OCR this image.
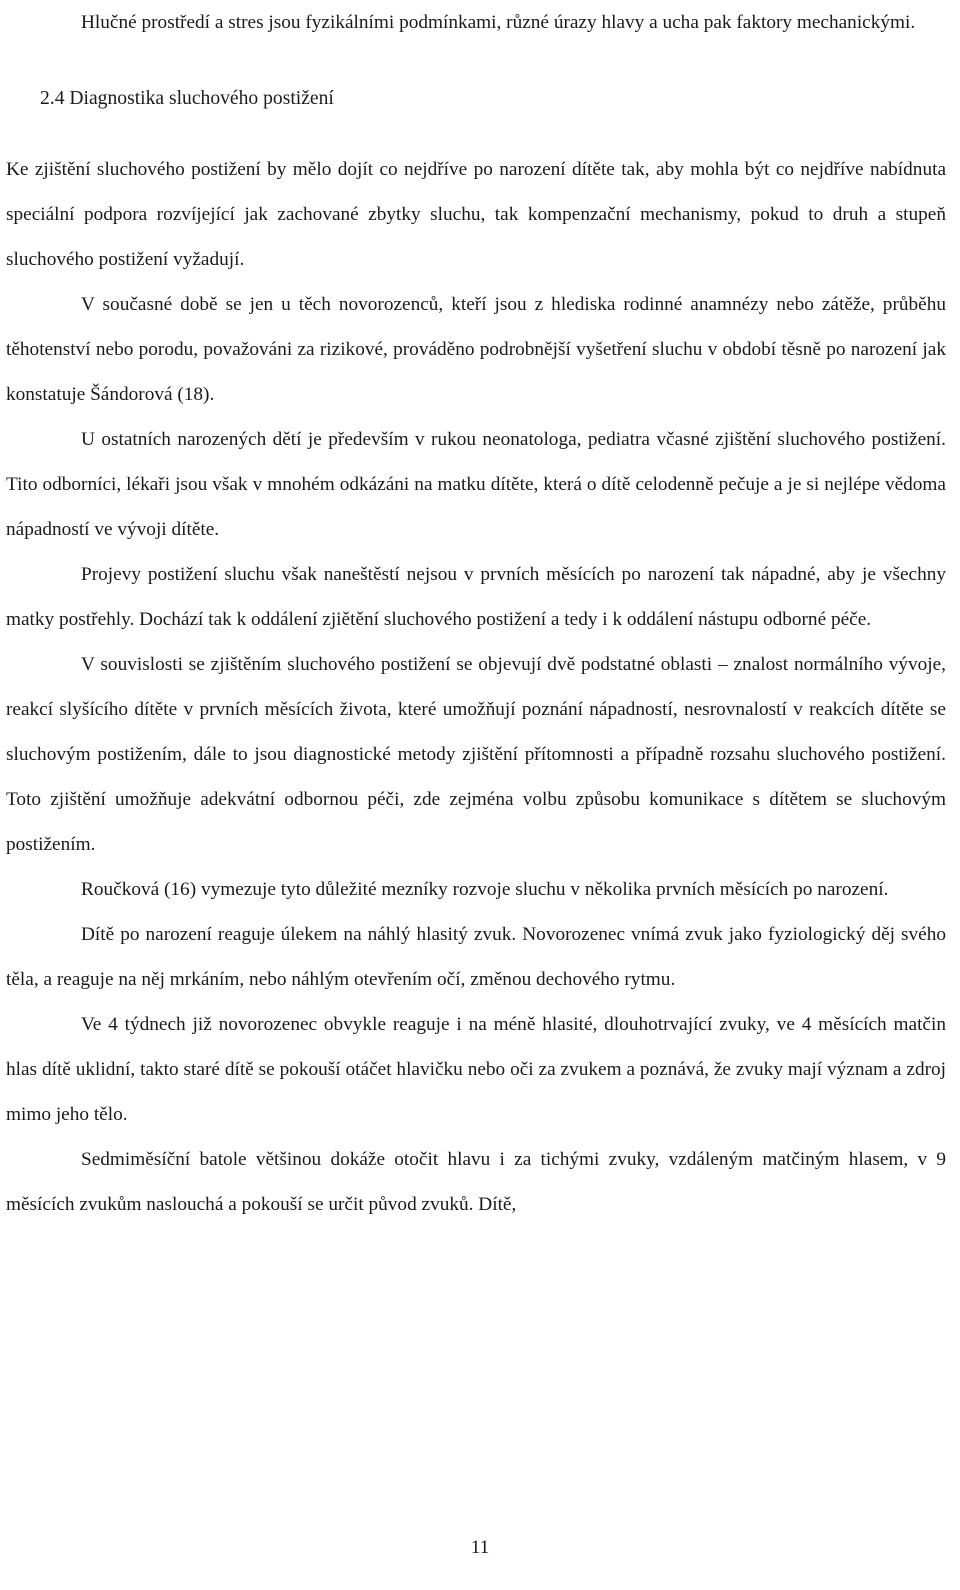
Hlučné prostředí a stres jsou fyzikálními podmínkami, různé úrazy hlavy a ucha pak faktory mechanickými.

2.4 Diagnostika sluchového postižení

Ke zjištění sluchového postižení by mělo dojít co nejdříve po narození dítěte tak, aby mohla být co nejdříve nabídnuta speciální podpora rozvíjející jak zachované zbytky sluchu, tak kompenzační mechanismy, pokud to druh a stupeň sluchového postižení vyžadují.

V současné době se jen u těch novorozenců, kteří jsou z hlediska rodinné anamnézy nebo zátěže, průběhu těhotenství nebo porodu, považováni za rizikové, prováděno podrobnější vyšetření sluchu v období těsně po narození jak konstatuje Šándorová (18).

U ostatních narozených dětí je především v rukou neonatologa, pediatra včasné zjištění sluchového postižení. Tito odborníci, lékaři jsou však v mnohém odkázáni na matku dítěte, která o dítě celodenně pečuje a je si nejlépe vědoma nápadností ve vývoji dítěte.

Projevy postižení sluchu však naneštěstí nejsou v prvních měsících po narození tak nápadné, aby je všechny matky postřehly. Dochází tak k oddálení zjiětění sluchového postižení a tedy i k oddálení nástupu odborné péče.

V souvislosti se zjištěním sluchového postižení se objevují dvě podstatné oblasti – znalost normálního vývoje, reakcí slyšícího dítěte v prvních měsících života, které umožňují poznání nápadností, nesrovnalostí v reakcích dítěte se sluchovým postižením, dále to jsou diagnostické metody zjištění přítomnosti a případně rozsahu sluchového postižení. Toto zjištění umožňuje adekvátní odbornou péči, zde zejména volbu způsobu komunikace s dítětem se sluchovým postižením.

Roučková (16) vymezuje tyto důležité mezníky rozvoje sluchu v několika prvních měsících po narození.

Dítě po narození reaguje úlekem na náhlý hlasitý zvuk. Novorozenec vnímá zvuk jako fyziologický děj svého těla, a reaguje na něj mrkáním, nebo náhlým otevřením očí, změnou dechového rytmu.

Ve 4 týdnech již novorozenec obvykle reaguje i na méně hlasité, dlouhotrvající zvuky, ve 4 měsících matčin hlas dítě uklidní, takto staré dítě se pokouší otáčet hlavičku nebo oči za zvukem a poznává, že zvuky mají význam a zdroj mimo jeho tělo.

Sedmiměsíční batole většinou dokáže otočit hlavu i za tichými zvuky, vzdáleným matčiným hlasem, v 9 měsících zvukům naslouchá a pokouší se určit původ zvuků. Dítě,

11
